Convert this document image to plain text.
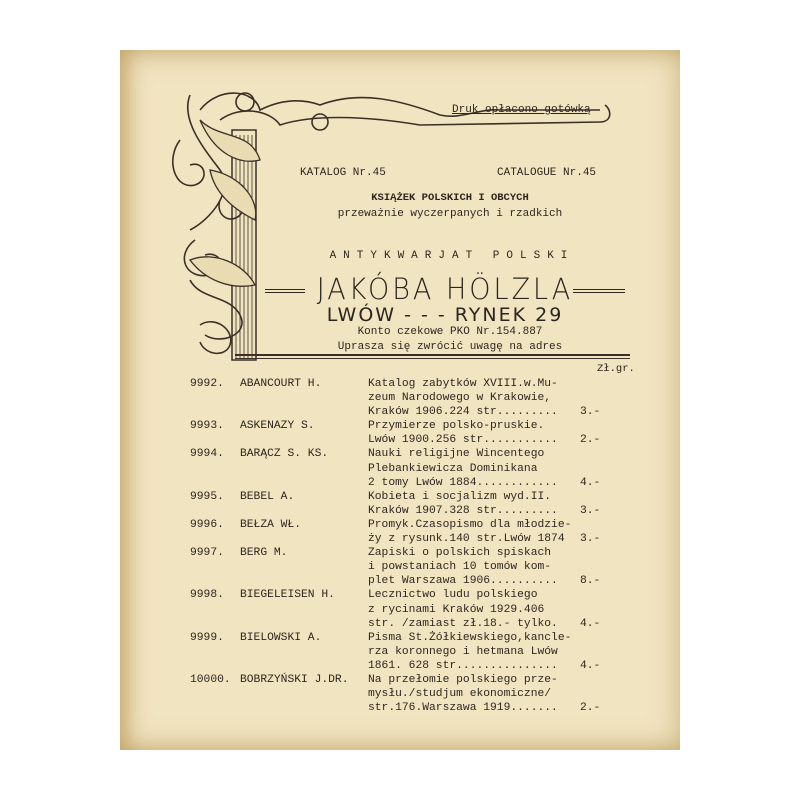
Druk opłacono gotówką
KATALOG Nr.45	CATALOGUE Nr.45
KSIĄŻEK POLSKICH I OBCYCH
przeważnie wyczerpanych i rzadkich
ANTYKWARJAT POLSKI
JAKÓBA HÖLZLA
LWÓW - - - RYNEK 29
Konto czekowe PKO Nr.154.887
Uprasza się zwrócić uwagę na adres
Zł.gr.
9992.	ABANCOURT H.	Katalog zabytków XVIII.w.Mu-
zeum Narodowego w Krakowie,
Kraków 1906.224 str.........	3.-
9993.	ASKENAZY S.	Przymierze polsko-pruskie.
Lwów 1900.256 str...........	2.-
9994.	BARĄCZ S. KS.	Nauki religijne Wincentego
Plebankiewicza Dominikana
2 tomy Lwów 1884............	4.-
9995.	BEBEL A.	Kobieta i socjalizm wyd.II.
Kraków 1907.328 str.........	3.-
9996.	BEŁZA WŁ.	Promyk.Czasopismo dla młodzie-
ży z rysunk.140 str.Lwów 1874	3.-
9997.	BERG M.	Zapiski o polskich spiskach
i powstaniach 10 tomów kom-
plet Warszawa 1906..........	8.-
9998.	BIEGELEISEN H.	Lecznictwo ludu polskiego
z rycinami Kraków 1929.406
str. /zamiast zł.18.- tylko.	4.-
9999.	BIELOWSKI A.	Pisma St.Żółkiewskiego,kancle-
rza koronnego i hetmana Lwów
1861. 628 str...............	4.-
10000. BOBRZYŃSKI J.DR.	Na przełomie polskiego prze-
mysłu./studjum ekonomiczne/
str.176.Warszawa 1919.......	2.-
